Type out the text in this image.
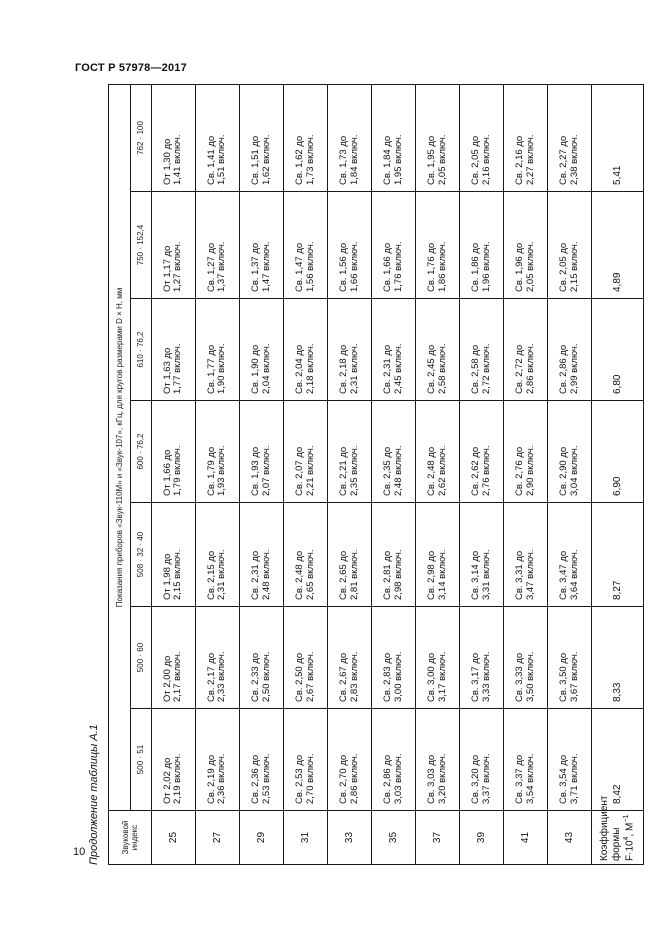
ГОСТ Р 57978—2017
Продолжение таблицы А.1	Звуковой индекс	Показания приборов «Звук-110М» и «Звук-107», кГц, для кругов размерами D × H, мм						
	500 · 51	500 · 60	508 · 32 · 40	600 · 76,2	610 · 76,2	750 · 152,4	762 · 100
25	От 2,02 до 2,19 включ.	От 2,00 до 2,17 включ.	От 1,98 до 2,15 включ.	От 1,66 до 1,79 включ.	От 1,63 до 1,77 включ.	От 1,17 до 1,27 включ.	От 1,30 до 1,41 включ.

27	Св. 2,19 до 2,36 включ.	Св. 2,17 до 2,33 включ.	Св. 2,15 до 2,31 включ.	Св. 1,79 до 1,93 включ.	Св. 1,77 до 1,90 включ.	Св. 1,27 до 1,37 включ.	Св. 1,41 до 1,51 включ.

29	Св. 2,36 до 2,53 включ.	Св. 2,33 до 2,50 включ.	Св. 2,31 до 2,48 включ.	Св. 1,93 до 2,07 включ.	Св. 1,90 до 2,04 включ.	Св. 1,37 до 1,47 включ.	Св. 1,51 до 1,62 включ.

31	Св. 2,53 до 2,70 включ.	Св. 2,50 до 2,67 включ.	Св. 2,48 до 2,65 включ.	Св. 2,07 до 2,21 включ.	Св. 2,04 до 2,18 включ.	Св. 1,47 до 1,56 включ.	Св. 1,62 до 1,73 включ.

33	Св. 2,70 до 2,86 включ.	Св. 2,67 до 2,83 включ.	Св. 2,65 до 2,81 включ.	Св. 2,21 до 2,35 включ.	Св. 2,18 до 2,31 включ.	Св. 1,56 до 1,66 включ.	Св. 1,73 до 1,84 включ.

35	Св. 2,86 до 3,03 включ.	Св. 2,83 до 3,00 включ.	Св. 2,81 до 2,98 включ.	Св. 2,35 до 2,48 включ.	Св. 2,31 до 2,45 включ.	Св. 1,66 до 1,76 включ.	Св. 1,84 до 1,95 включ.

37	Св. 3,03 до 3,20 включ.	Св. 3,00 до 3,17 включ.	Св. 2,98 до 3,14 включ.	Св. 2,48 до 2,62 включ.	Св. 2,45 до 2,58 включ.	Св. 1,76 до 1,86 включ.	Св. 1,95 до 2,05 включ.

39	Св. 3,20 до 3,37 включ.	Св. 3,17 до 3,33 включ.	Св. 3,14 до 3,31 включ.	Св. 2,62 до 2,76 включ.	Св. 2,58 до 2,72 включ.	Св. 1,86 до 1,96 включ.	Св. 2,05 до 2,16 включ.

41	Св. 3,37 до 3,54 включ.	Св. 3,33 до 3,50 включ.	Св. 3,31 до 3,47 включ.	Св. 2,76 до 2,90 включ.	Св. 2,72 до 2,86 включ.	Св. 1,96 до 2,05 включ.	Св. 2,16 до 2,27 включ.

43	Св. 3,54 до 3,71 включ.	Св. 3,50 до 3,67 включ.	Св. 3,47 до 3,64 включ.	Св. 2,90 до 3,04 включ.	Св. 2,86 до 2,99 включ.	Св. 2,05 до 2,15 включ.	Св. 2,27 до 2,38 включ.

Коэффициент
формы $F\cdot 10^4$, $М^{-1}$	8,42	8,33	8,27	6,90	6,80	4,89	5,41
10
